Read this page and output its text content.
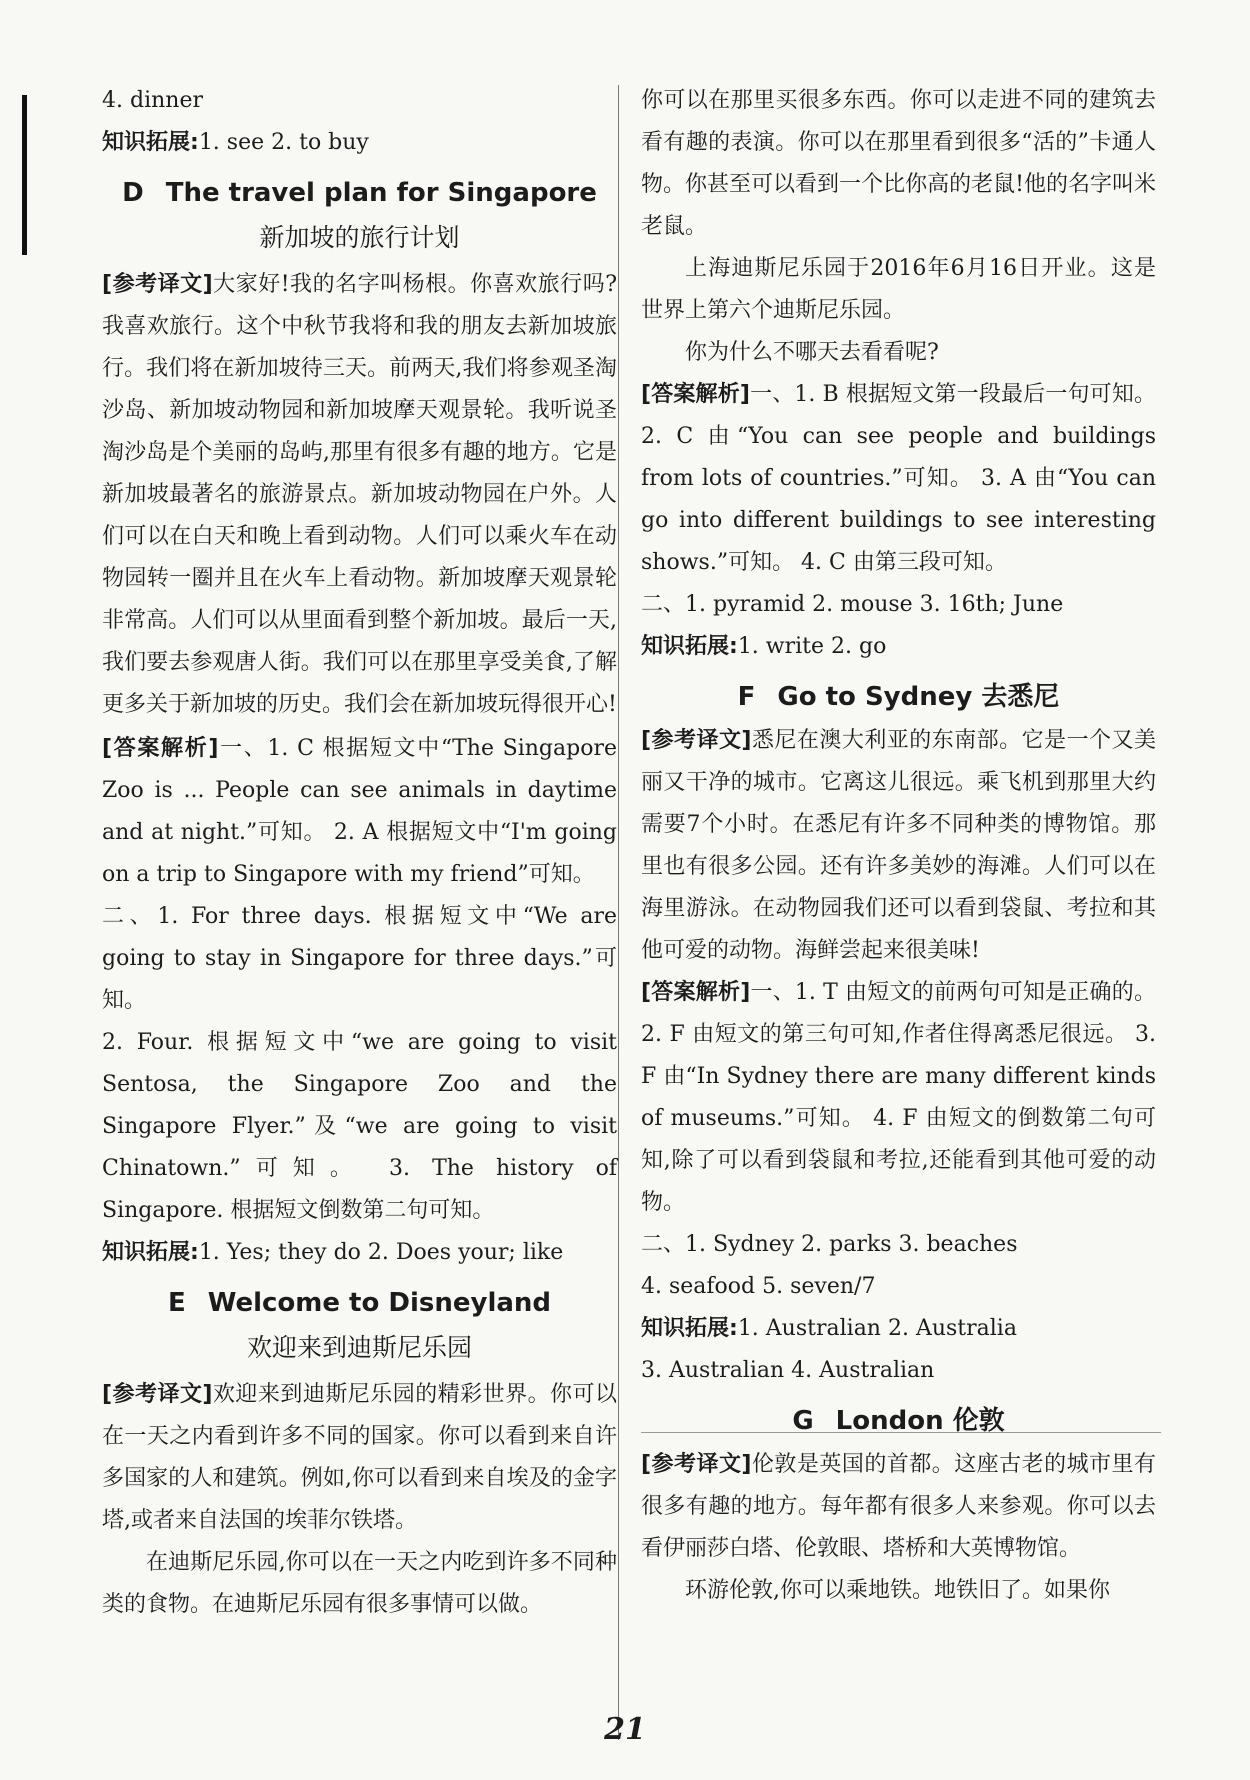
4. dinner

知识拓展:1. see 2. to buy

D The travel plan for Singapore
新加坡的旅行计划

[参考译文]大家好!我的名字叫杨根。你喜欢旅行吗?我喜欢旅行。这个中秋节我将和我的朋友去新加坡旅行。我们将在新加坡待三天。前两天,我们将参观圣淘沙岛、新加坡动物园和新加坡摩天观景轮。我听说圣淘沙岛是个美丽的岛屿,那里有很多有趣的地方。它是新加坡最著名的旅游景点。新加坡动物园在户外。人们可以在白天和晚上看到动物。人们可以乘火车在动物园转一圈并且在火车上看动物。新加坡摩天观景轮非常高。人们可以从里面看到整个新加坡。最后一天,我们要去参观唐人街。我们可以在那里享受美食,了解更多关于新加坡的历史。我们会在新加坡玩得很开心!

[答案解析]一、1. C 根据短文中“The Singapore Zoo is ... People can see animals in daytime and at night.”可知。 2. A 根据短文中“I'm going on a trip to Singapore with my friend”可知。

二、1. For three days. 根据短文中“We are going to stay in Singapore for three days.”可知。

2. Four. 根据短文中“we are going to visit Sentosa, the Singapore Zoo and the Singapore Flyer.”及“we are going to visit Chinatown.”可知。 3. The history of Singapore. 根据短文倒数第二句可知。

知识拓展:1. Yes; they do 2. Does your; like

E Welcome to Disneyland
欢迎来到迪斯尼乐园

[参考译文]欢迎来到迪斯尼乐园的精彩世界。你可以在一天之内看到许多不同的国家。你可以看到来自许多国家的人和建筑。例如,你可以看到来自埃及的金字塔,或者来自法国的埃菲尔铁塔。

在迪斯尼乐园,你可以在一天之内吃到许多不同种类的食物。在迪斯尼乐园有很多事情可以做。

你可以在那里买很多东西。你可以走进不同的建筑去看有趣的表演。你可以在那里看到很多“活的”卡通人物。你甚至可以看到一个比你高的老鼠!他的名字叫米老鼠。

上海迪斯尼乐园于2016年6月16日开业。这是世界上第六个迪斯尼乐园。

你为什么不哪天去看看呢?

[答案解析]一、1. B 根据短文第一段最后一句可知。 2. C 由“You can see people and buildings from lots of countries.”可知。 3. A 由“You can go into different buildings to see interesting shows.”可知。 4. C 由第三段可知。

二、1. pyramid 2. mouse 3. 16th; June

知识拓展:1. write 2. go

F Go to Sydney 去悉尼

[参考译文]悉尼在澳大利亚的东南部。它是一个又美丽又干净的城市。它离这儿很远。乘飞机到那里大约需要7个小时。在悉尼有许多不同种类的博物馆。那里也有很多公园。还有许多美妙的海滩。人们可以在海里游泳。在动物园我们还可以看到袋鼠、考拉和其他可爱的动物。海鲜尝起来很美味!

[答案解析]一、1. T 由短文的前两句可知是正确的。 2. F 由短文的第三句可知,作者住得离悉尼很远。 3. F 由“In Sydney there are many different kinds of museums.”可知。 4. F 由短文的倒数第二句可知,除了可以看到袋鼠和考拉,还能看到其他可爱的动物。

二、1. Sydney 2. parks 3. beaches

4. seafood 5. seven/7

知识拓展:1. Australian 2. Australia

3. Australian 4. Australian

G London 伦敦

[参考译文]伦敦是英国的首都。这座古老的城市里有很多有趣的地方。每年都有很多人来参观。你可以去看伊丽莎白塔、伦敦眼、塔桥和大英博物馆。

环游伦敦,你可以乘地铁。地铁旧了。如果你

21
